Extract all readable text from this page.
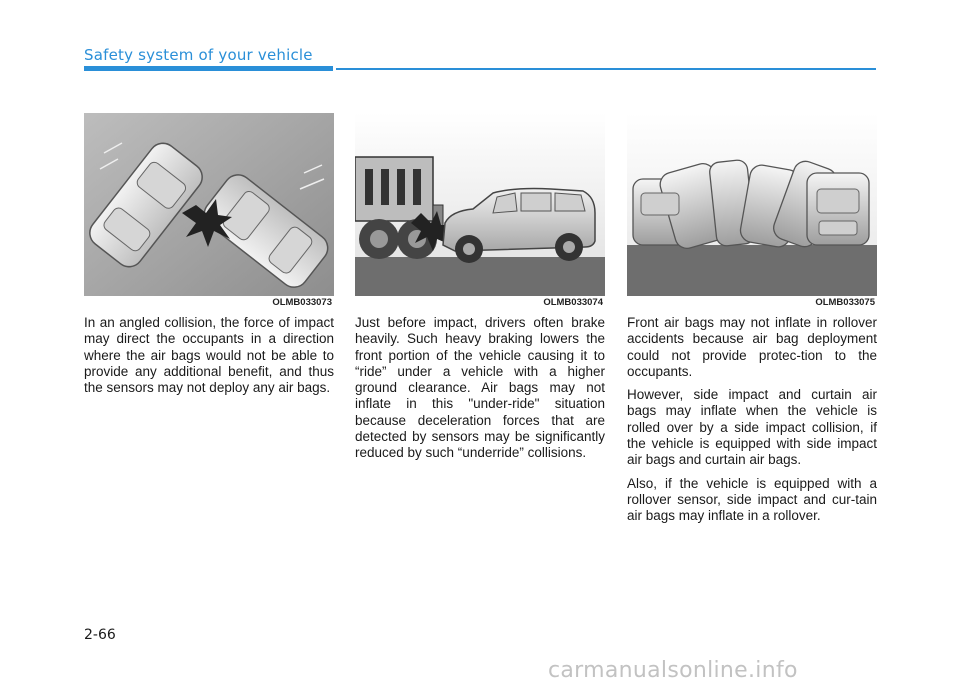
Safety system of your vehicle
OLMB033073

In an angled collision, the force of impact may direct the occupants in a direction where the air bags would not be able to provide any additional benefit, and thus the sensors may not deploy any air bags.

OLMB033074

Just before impact, drivers often brake heavily. Such heavy braking lowers the front portion of the vehicle causing it to “ride” under a vehicle with a higher ground clearance. Air bags may not inflate in this "under-ride" situation because deceleration forces that are detected by sensors may be significantly reduced by such “underride” collisions.

OLMB033075

Front air bags may not inflate in rollover accidents because air bag deployment could not provide protec-tion to the occupants.

However, side impact and curtain air bags may inflate when the vehicle is rolled over by a side impact collision, if the vehicle is equipped with side impact air bags and curtain air bags.

Also, if the vehicle is equipped with a rollover sensor, side impact and cur-tain air bags may inflate in a rollover.

2-66
carmanualsonline.info
